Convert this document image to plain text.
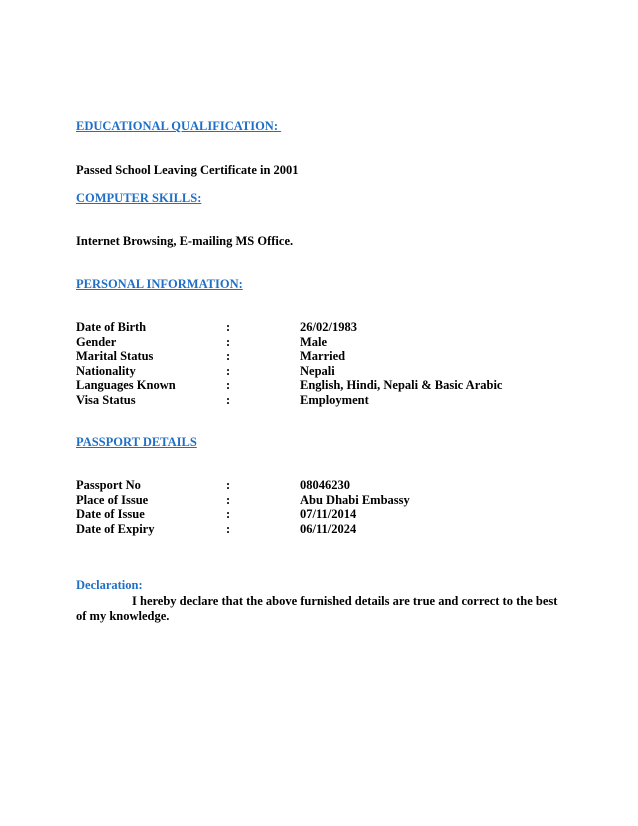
EDUCATIONAL QUALIFICATION:

Passed School Leaving Certificate in 2001

COMPUTER SKILLS:

Internet Browsing, E-mailing MS Office.

PERSONAL INFORMATION:

Date of Birth	:	26/02/1983
Gender	:	Male
Marital Status	:	Married
Nationality	:	Nepali
Languages Known	:	English, Hindi, Nepali & Basic Arabic
Visa Status	:	Employment

PASSPORT DETAILS

Passport No	:	08046230
Place of Issue	:	Abu Dhabi Embassy
Date of Issue	:	07/11/2014
Date of Expiry	:	06/11/2024

Declaration:

I hereby declare that the above furnished details are true and correct to the best of my knowledge.
